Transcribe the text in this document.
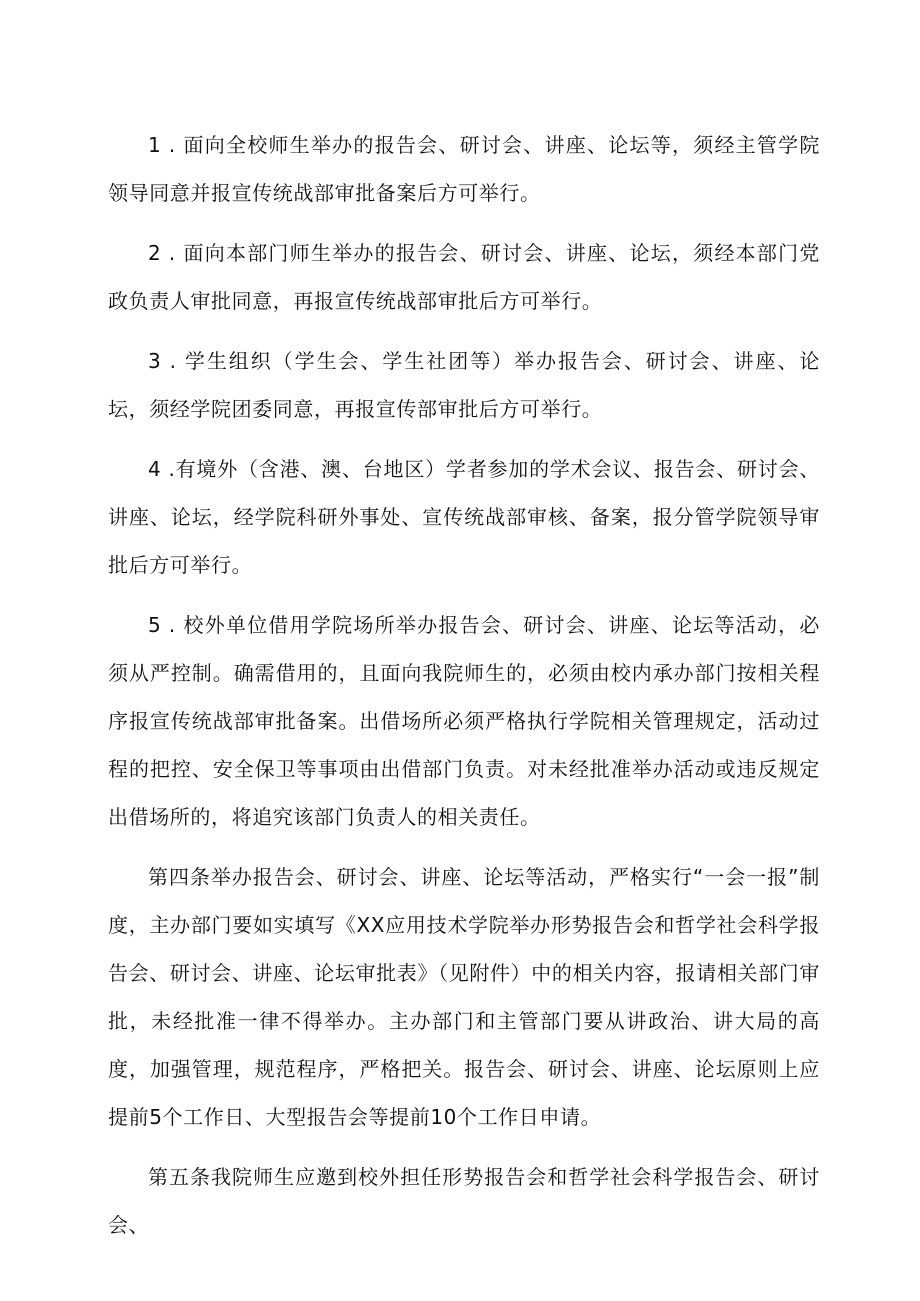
1 . 面向全校师生举办的报告会、研讨会、讲座、论坛等，须经主管学院领导同意并报宣传统战部审批备案后方可举行。

2 . 面向本部门师生举办的报告会、研讨会、讲座、论坛，须经本部门党政负责人审批同意，再报宣传统战部审批后方可举行。

3 . 学生组织（学生会、学生社团等）举办报告会、研讨会、讲座、论坛，须经学院团委同意，再报宣传部审批后方可举行。

4 .有境外（含港、澳、台地区）学者参加的学术会议、报告会、研讨会、讲座、论坛，经学院科研外事处、宣传统战部审核、备案，报分管学院领导审批后方可举行。

5 . 校外单位借用学院场所举办报告会、研讨会、讲座、论坛等活动，必须从严控制。确需借用的，且面向我院师生的，必须由校内承办部门按相关程序报宣传统战部审批备案。出借场所必须严格执行学院相关管理规定，活动过程的把控、安全保卫等事项由出借部门负责。对未经批准举办活动或违反规定出借场所的，将追究该部门负责人的相关责任。

第四条举办报告会、研讨会、讲座、论坛等活动，严格实行“一会一报”制度，主办部门要如实填写《XX应用技术学院举办形势报告会和哲学社会科学报告会、研讨会、讲座、论坛审批表》（见附件）中的相关内容，报请相关部门审批，未经批准一律不得举办。主办部门和主管部门要从讲政治、讲大局的高度，加强管理，规范程序，严格把关。报告会、研讨会、讲座、论坛原则上应提前5个工作日、大型报告会等提前10个工作日申请。

第五条我院师生应邀到校外担任形势报告会和哲学社会科学报告会、研讨会、
